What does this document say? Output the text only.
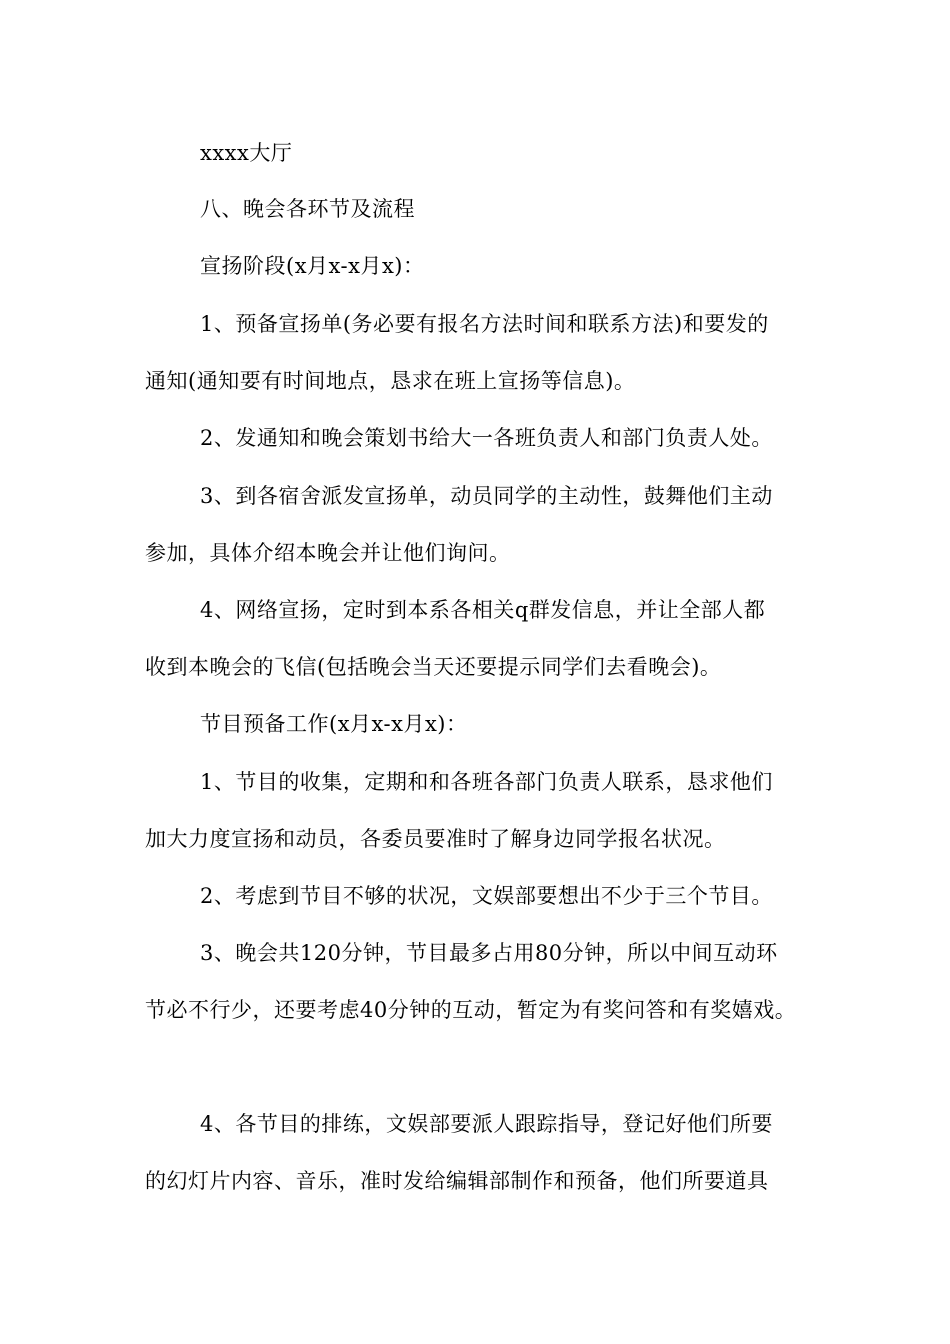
xxxx大厅
八、晚会各环节及流程
宣扬阶段(x月x-x月x)：
1、预备宣扬单(务必要有报名方法时间和联系方法)和要发的
通知(通知要有时间地点，恳求在班上宣扬等信息)。
2、发通知和晚会策划书给大一各班负责人和部门负责人处。
3、到各宿舍派发宣扬单，动员同学的主动性，鼓舞他们主动
参加，具体介绍本晚会并让他们询问。
4、网络宣扬，定时到本系各相关q群发信息，并让全部人都
收到本晚会的飞信(包括晚会当天还要提示同学们去看晚会)。
节目预备工作(x月x-x月x)：
1、节目的收集，定期和和各班各部门负责人联系，恳求他们
加大力度宣扬和动员，各委员要准时了解身边同学报名状况。
2、考虑到节目不够的状况，文娱部要想出不少于三个节目。
3、晚会共120分钟，节目最多占用80分钟，所以中间互动环
节必不行少，还要考虑40分钟的互动，暂定为有奖问答和有奖嬉戏。
4、各节目的排练，文娱部要派人跟踪指导，登记好他们所要
的幻灯片内容、音乐，准时发给编辑部制作和预备，他们所要道具
